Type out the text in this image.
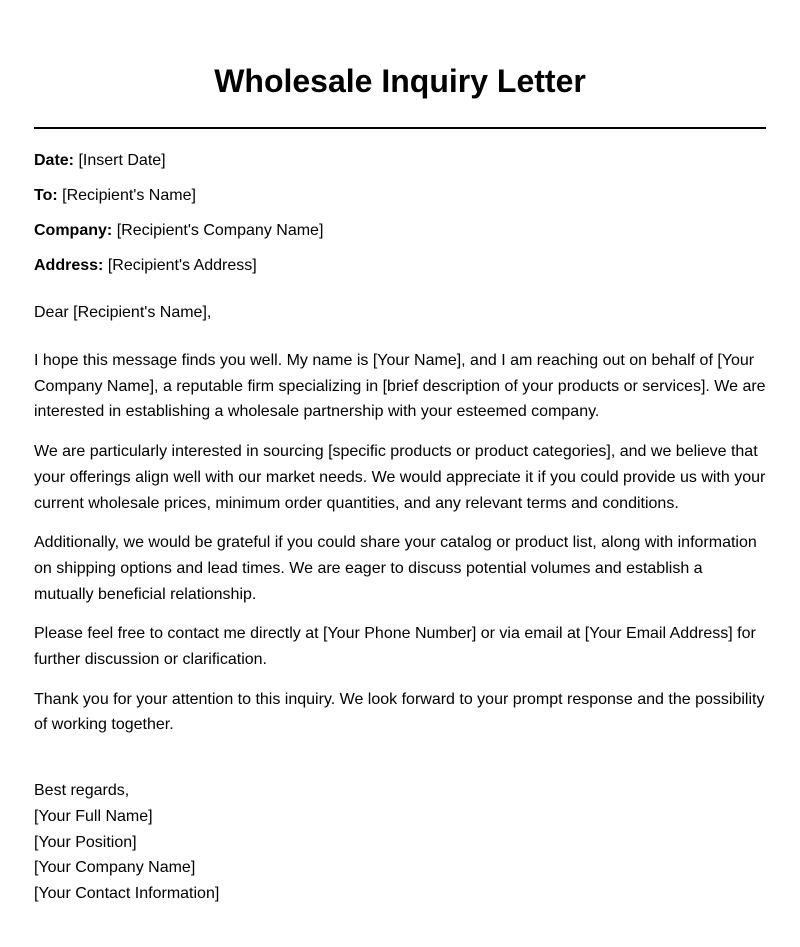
Wholesale Inquiry Letter
Date: [Insert Date]
To: [Recipient's Name]
Company: [Recipient's Company Name]
Address: [Recipient's Address]
Dear [Recipient's Name],

I hope this message finds you well. My name is [Your Name], and I am reaching out on behalf of [Your Company Name], a reputable firm specializing in [brief description of your products or services]. We are interested in establishing a wholesale partnership with your esteemed company.

We are particularly interested in sourcing [specific products or product categories], and we believe that your offerings align well with our market needs. We would appreciate it if you could provide us with your current wholesale prices, minimum order quantities, and any relevant terms and conditions.

Additionally, we would be grateful if you could share your catalog or product list, along with information on shipping options and lead times. We are eager to discuss potential volumes and establish a mutually beneficial relationship.

Please feel free to contact me directly at [Your Phone Number] or via email at [Your Email Address] for further discussion or clarification.

Thank you for your attention to this inquiry. We look forward to your prompt response and the possibility of working together.

Best regards,
[Your Full Name]
[Your Position]
[Your Company Name]
[Your Contact Information]
